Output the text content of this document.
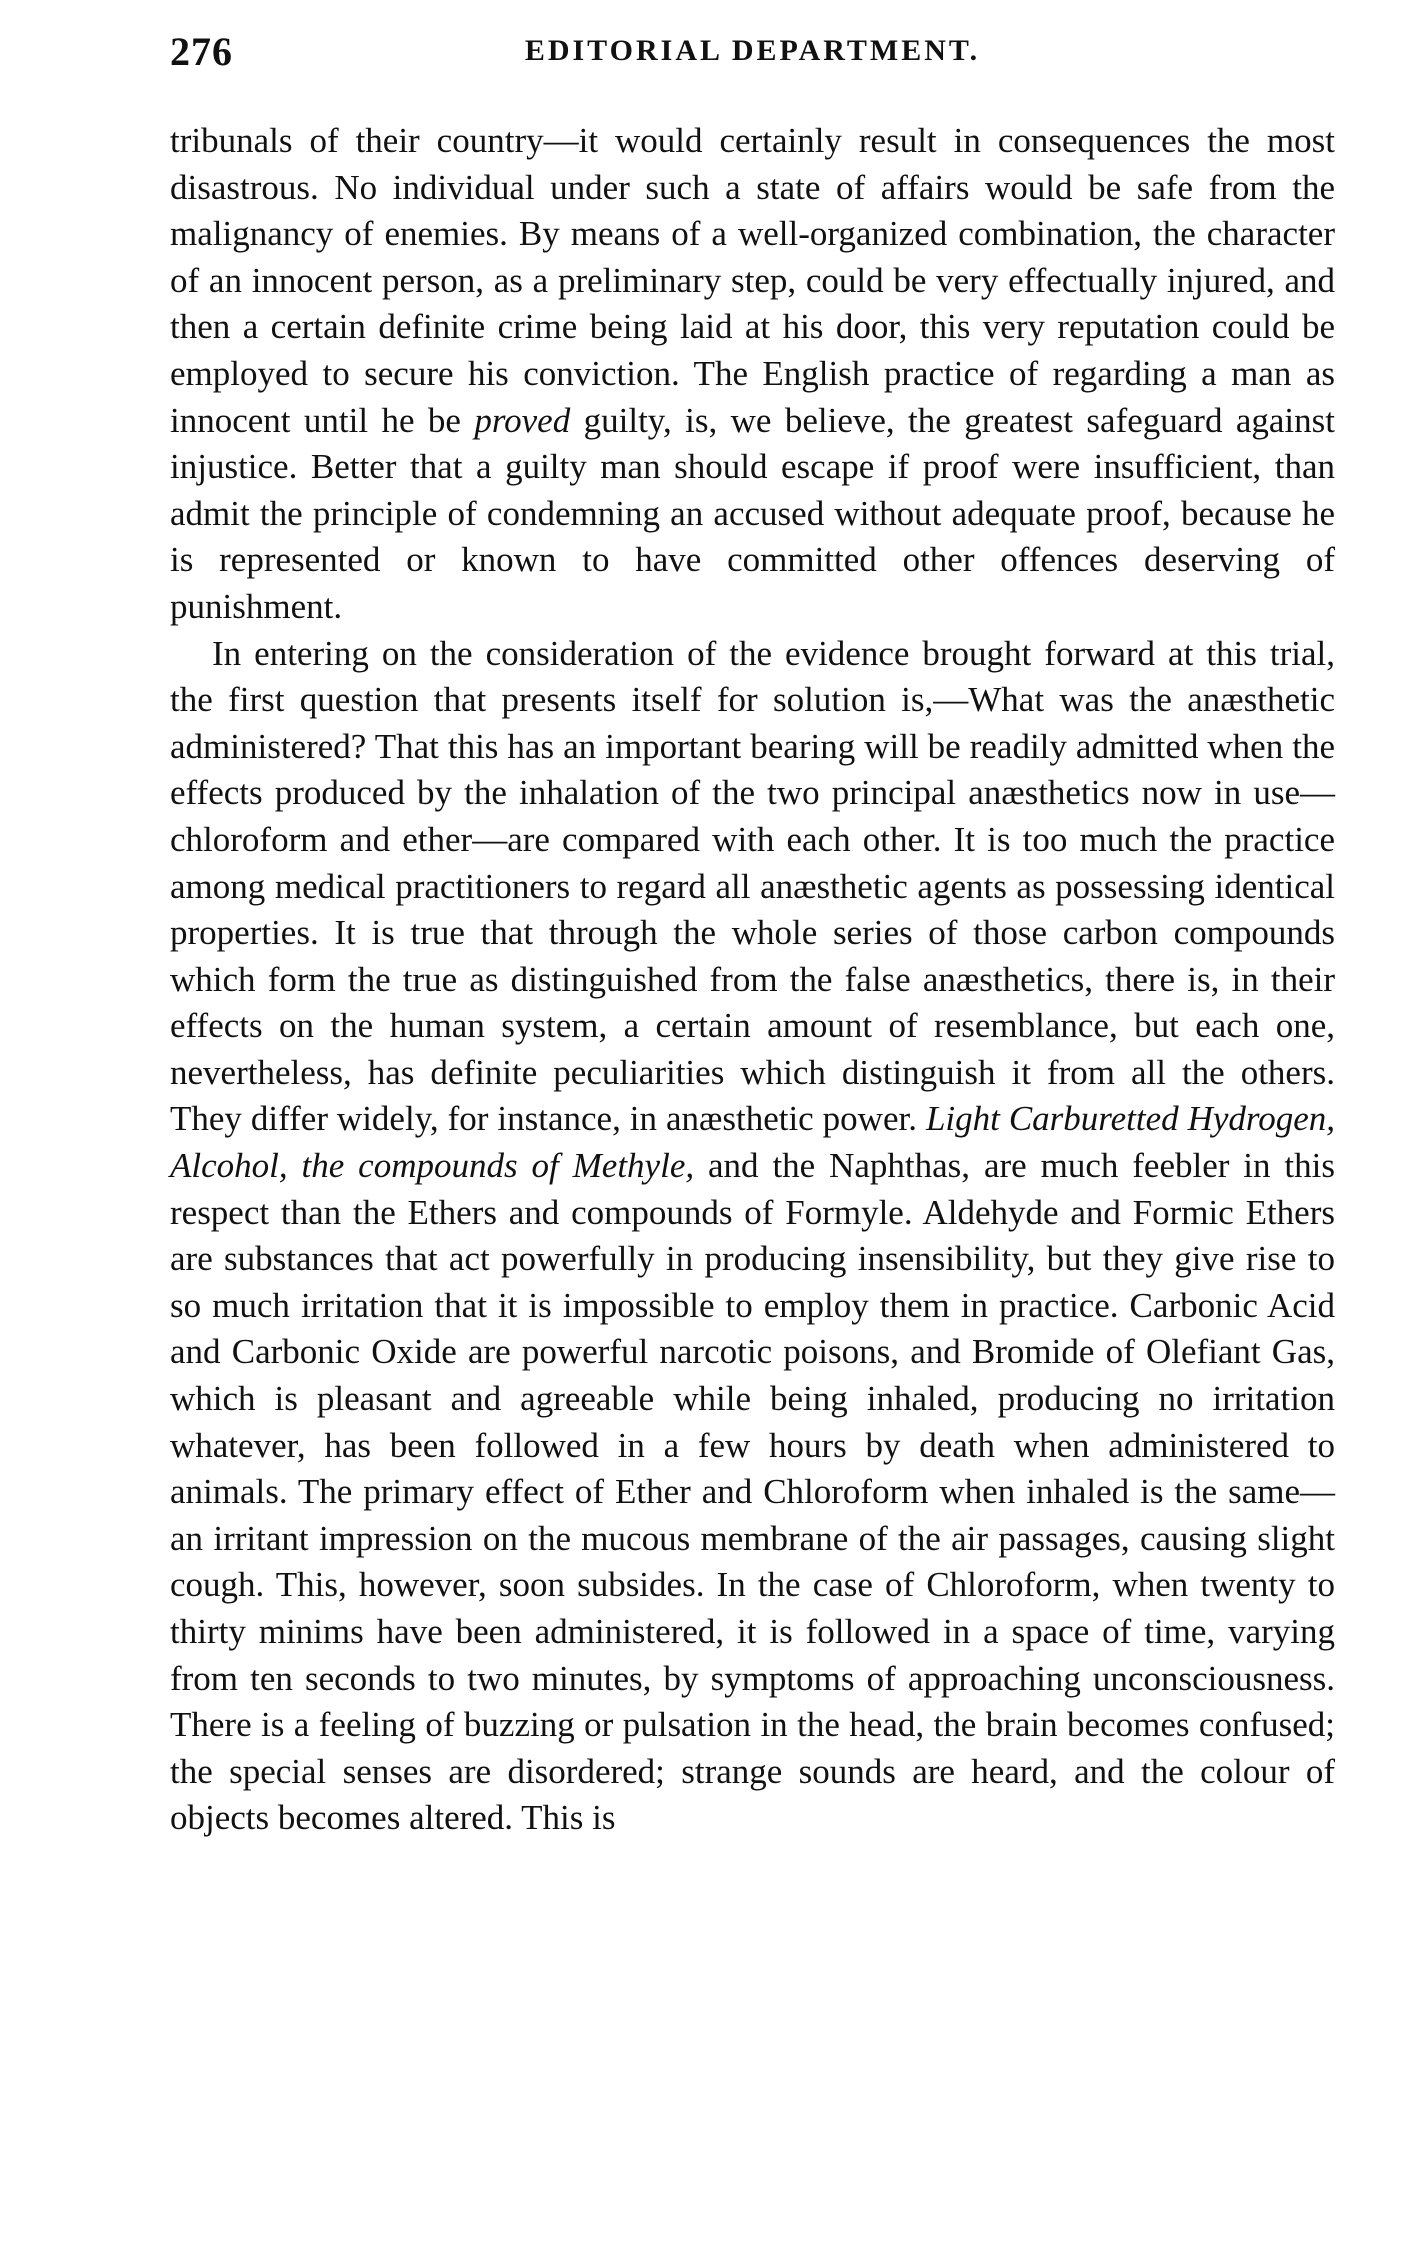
276	EDITORIAL DEPARTMENT.

tribunals of their country—it would certainly result in consequences the most disastrous. No individual under such a state of affairs would be safe from the malignancy of enemies. By means of a well-organized combination, the character of an innocent person, as a preliminary step, could be very effectually injured, and then a certain definite crime being laid at his door, this very reputation could be employed to secure his conviction. The English practice of regarding a man as innocent until he be proved guilty, is, we believe, the greatest safeguard against injustice. Better that a guilty man should escape if proof were insufficient, than admit the principle of condemning an accused without adequate proof, because he is represented or known to have committed other offences deserving of punishment.

In entering on the consideration of the evidence brought forward at this trial, the first question that presents itself for solution is,—What was the anæsthetic administered? That this has an important bearing will be readily admitted when the effects produced by the inhalation of the two principal anæsthetics now in use—chloroform and ether—are compared with each other. It is too much the practice among medical practitioners to regard all anæsthetic agents as possessing identical properties. It is true that through the whole series of those carbon compounds which form the true as distinguished from the false anæsthetics, there is, in their effects on the human system, a certain amount of resemblance, but each one, nevertheless, has definite peculiarities which distinguish it from all the others. They differ widely, for instance, in anæsthetic power. Light Carburetted Hydrogen, Alcohol, the compounds of Methyle, and the Naphthas, are much feebler in this respect than the Ethers and compounds of Formyle. Aldehyde and Formic Ethers are substances that act powerfully in producing insensibility, but they give rise to so much irritation that it is impossible to employ them in practice. Carbonic Acid and Carbonic Oxide are powerful narcotic poisons, and Bromide of Olefiant Gas, which is pleasant and agreeable while being inhaled, producing no irritation whatever, has been followed in a few hours by death when administered to animals. The primary effect of Ether and Chloroform when inhaled is the same—an irritant impression on the mucous membrane of the air passages, causing slight cough. This, however, soon subsides. In the case of Chloroform, when twenty to thirty minims have been administered, it is followed in a space of time, varying from ten seconds to two minutes, by symptoms of approaching unconsciousness. There is a feeling of buzzing or pulsation in the head, the brain becomes confused; the special senses are disordered; strange sounds are heard, and the colour of objects becomes altered. This is
